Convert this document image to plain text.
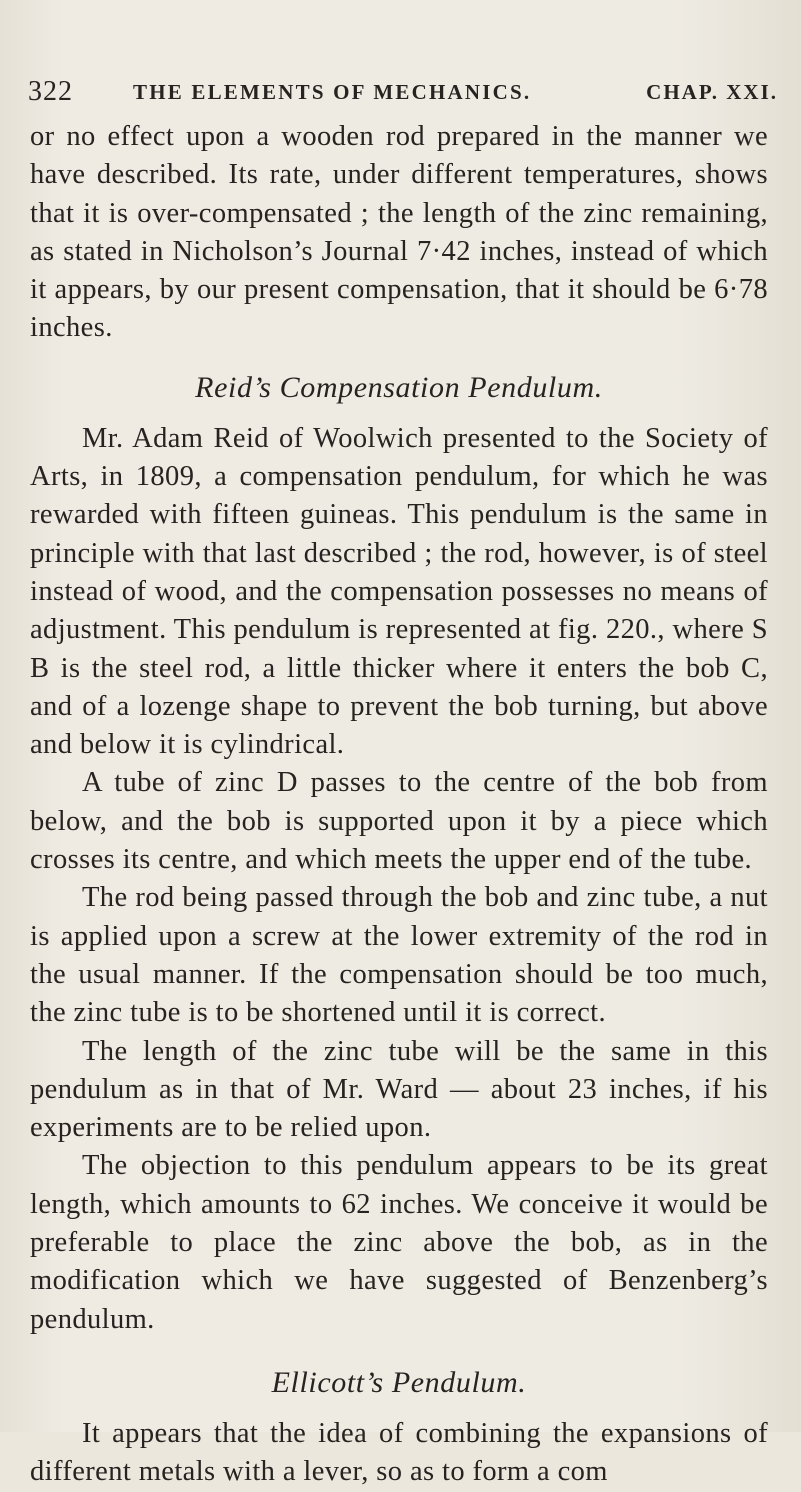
322	THE ELEMENTS OF MECHANICS.	CHAP. XXI.

or no effect upon a wooden rod prepared in the manner we have described. Its rate, under different temperatures, shows that it is over-compensated ; the length of the zinc remaining, as stated in Nicholson’s Journal 7·42 inches, instead of which it appears, by our present compensation, that it should be 6·78 inches.

Reid’s Compensation Pendulum.

Mr. Adam Reid of Woolwich presented to the Society of Arts, in 1809, a compensation pendulum, for which he was rewarded with fifteen guineas. This pendulum is the same in principle with that last described ; the rod, however, is of steel instead of wood, and the compensation possesses no means of adjustment. This pendulum is represented at fig. 220., where S B is the steel rod, a little thicker where it enters the bob C, and of a lozenge shape to prevent the bob turning, but above and below it is cylindrical.

A tube of zinc D passes to the centre of the bob from below, and the bob is supported upon it by a piece which crosses its centre, and which meets the upper end of the tube.

The rod being passed through the bob and zinc tube, a nut is applied upon a screw at the lower extremity of the rod in the usual manner. If the compensation should be too much, the zinc tube is to be shortened until it is correct.

The length of the zinc tube will be the same in this pendulum as in that of Mr. Ward — about 23 inches, if his experiments are to be relied upon.

The objection to this pendulum appears to be its great length, which amounts to 62 inches. We conceive it would be preferable to place the zinc above the bob, as in the modification which we have suggested of Benzenberg’s pendulum.

Ellicott’s Pendulum.

It appears that the idea of combining the expansions of different metals with a lever, so as to form a com
